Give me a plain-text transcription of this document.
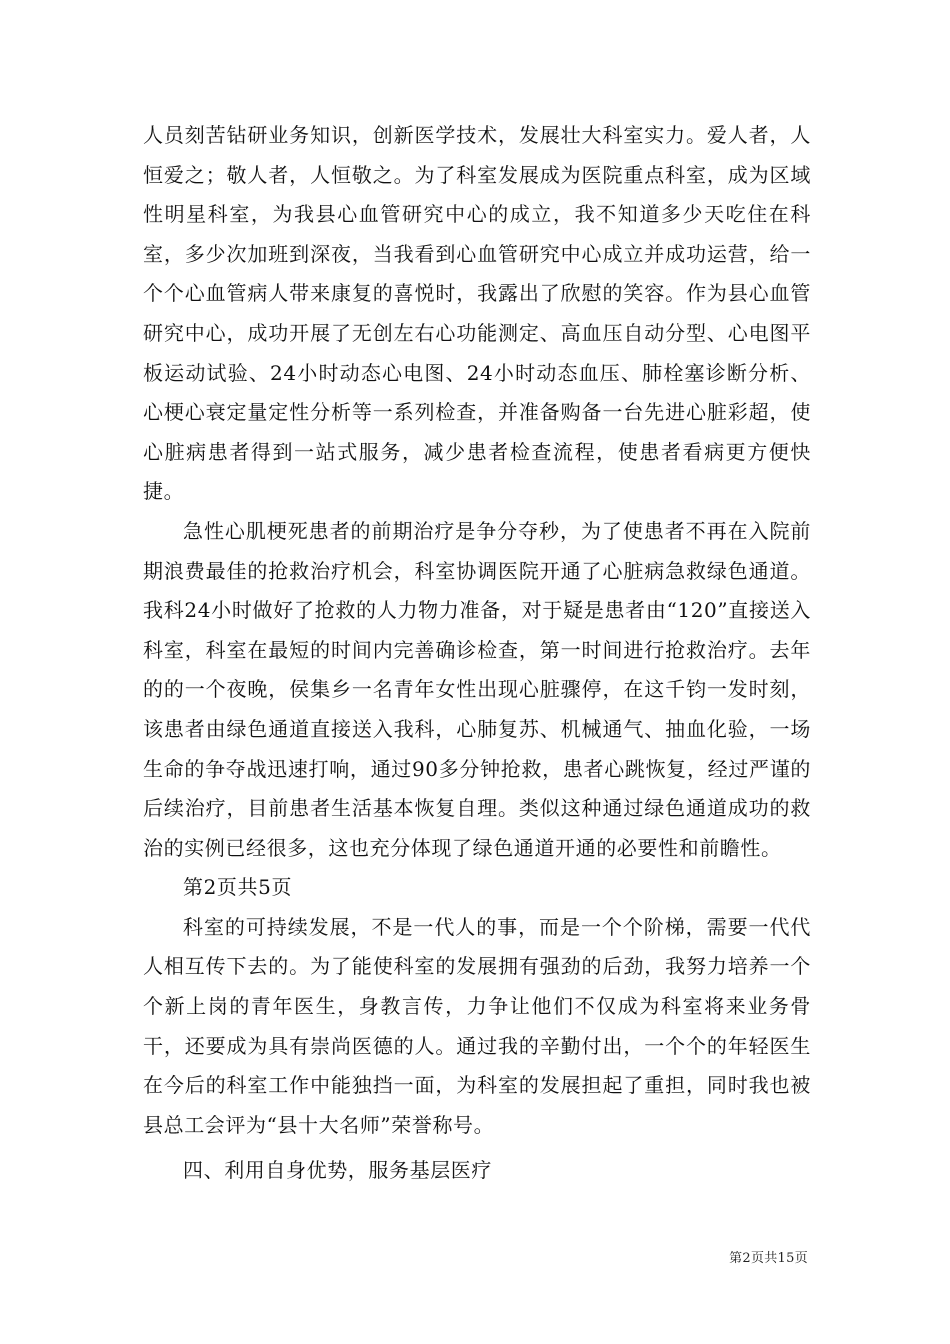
人员刻苦钻研业务知识，创新医学技术，发展壮大科室实力。爱人者，人恒爱之；敬人者，人恒敬之。为了科室发展成为医院重点科室，成为区域性明星科室，为我县心血管研究中心的成立，我不知道多少天吃住在科室，多少次加班到深夜，当我看到心血管研究中心成立并成功运营，给一个个心血管病人带来康复的喜悦时，我露出了欣慰的笑容。作为县心血管研究中心，成功开展了无创左右心功能测定、高血压自动分型、心电图平板运动试验、24小时动态心电图、24小时动态血压、肺栓塞诊断分析、心梗心衰定量定性分析等一系列检查，并准备购备一台先进心脏彩超，使心脏病患者得到一站式服务，减少患者检查流程，使患者看病更方便快捷。

急性心肌梗死患者的前期治疗是争分夺秒，为了使患者不再在入院前期浪费最佳的抢救治疗机会，科室协调医院开通了心脏病急救绿色通道。我科24小时做好了抢救的人力物力准备，对于疑是患者由“120”直接送入科室，科室在最短的时间内完善确诊检查，第一时间进行抢救治疗。去年的的一个夜晚，侯集乡一名青年女性出现心脏骤停，在这千钧一发时刻，该患者由绿色通道直接送入我科，心肺复苏、机械通气、抽血化验，一场生命的争夺战迅速打响，通过90多分钟抢救，患者心跳恢复，经过严谨的后续治疗，目前患者生活基本恢复自理。类似这种通过绿色通道成功的救治的实例已经很多，这也充分体现了绿色通道开通的必要性和前瞻性。

第2页共5页

科室的可持续发展，不是一代人的事，而是一个个阶梯，需要一代代人相互传下去的。为了能使科室的发展拥有强劲的后劲，我努力培养一个个新上岗的青年医生，身教言传，力争让他们不仅成为科室将来业务骨干，还要成为具有崇尚医德的人。通过我的辛勤付出，一个个的年轻医生在今后的科室工作中能独挡一面，为科室的发展担起了重担，同时我也被县总工会评为“县十大名师”荣誉称号。

四、利用自身优势，服务基层医疗

第2页共15页
